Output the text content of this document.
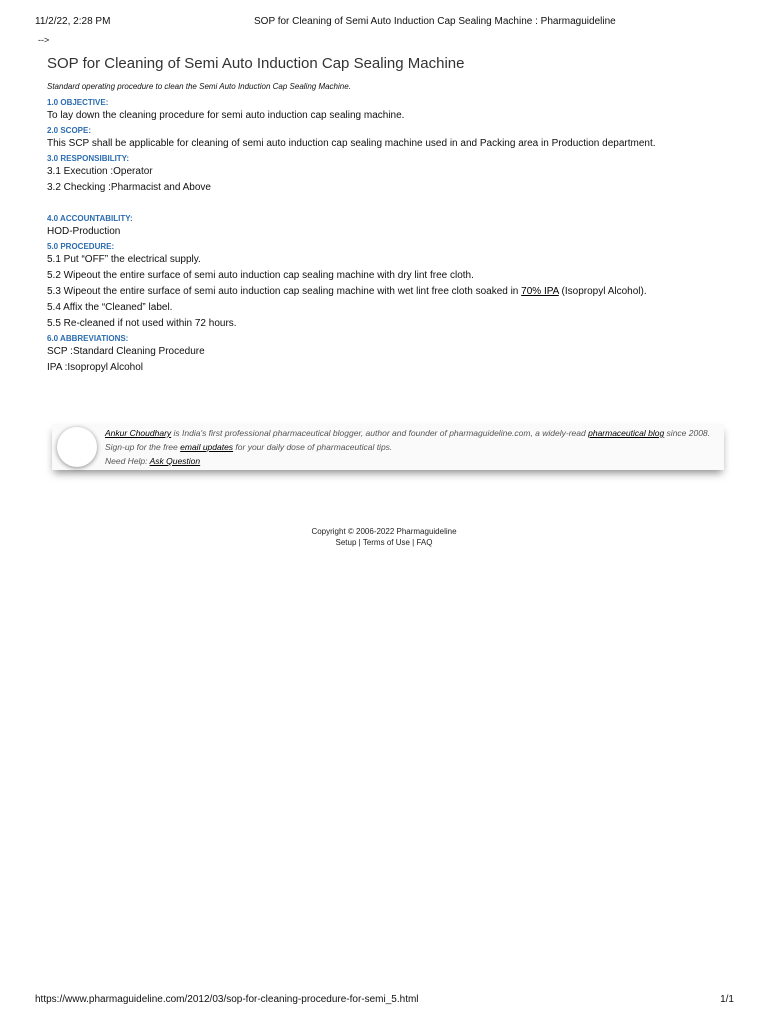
11/2/22, 2:28 PM	SOP for Cleaning of Semi Auto Induction Cap Sealing Machine : Pharmaguideline
-->
SOP for Cleaning of Semi Auto Induction Cap Sealing Machine

Standard operating procedure to clean the Semi Auto Induction Cap Sealing Machine.

1.0 OBJECTIVE:

To lay down the cleaning procedure for semi auto induction cap sealing machine.

2.0 SCOPE:

This SCP shall be applicable for cleaning of semi auto induction cap sealing machine used in and Packing area in Production department.

3.0 RESPONSIBILITY:

3.1 Execution :Operator

3.2 Checking :Pharmacist and Above

4.0 ACCOUNTABILITY:

HOD-Production

5.0 PROCEDURE:

5.1 Put “OFF” the electrical supply.

5.2 Wipeout the entire surface of semi auto induction cap sealing machine with dry lint free cloth.

5.3 Wipeout the entire surface of semi auto induction cap sealing machine with wet lint free cloth soaked in 70% IPA (Isopropyl Alcohol).

5.4 Affix the “Cleaned” label.

5.5 Re-cleaned if not used within 72 hours.

6.0 ABBREVIATIONS:

SCP :Standard Cleaning Procedure

IPA :Isopropyl Alcohol

Ankur Choudhary is India's first professional pharmaceutical blogger, author and founder of pharmaguideline.com, a widely-read pharmaceutical blog since 2008. Sign-up for the free email updates for your daily dose of pharmaceutical tips.
Need Help: Ask Question
Copyright © 2006-2022 Pharmaguideline
Setup | Terms of Use | FAQ
https://www.pharmaguideline.com/2012/03/sop-for-cleaning-procedure-for-semi_5.html	1/1
